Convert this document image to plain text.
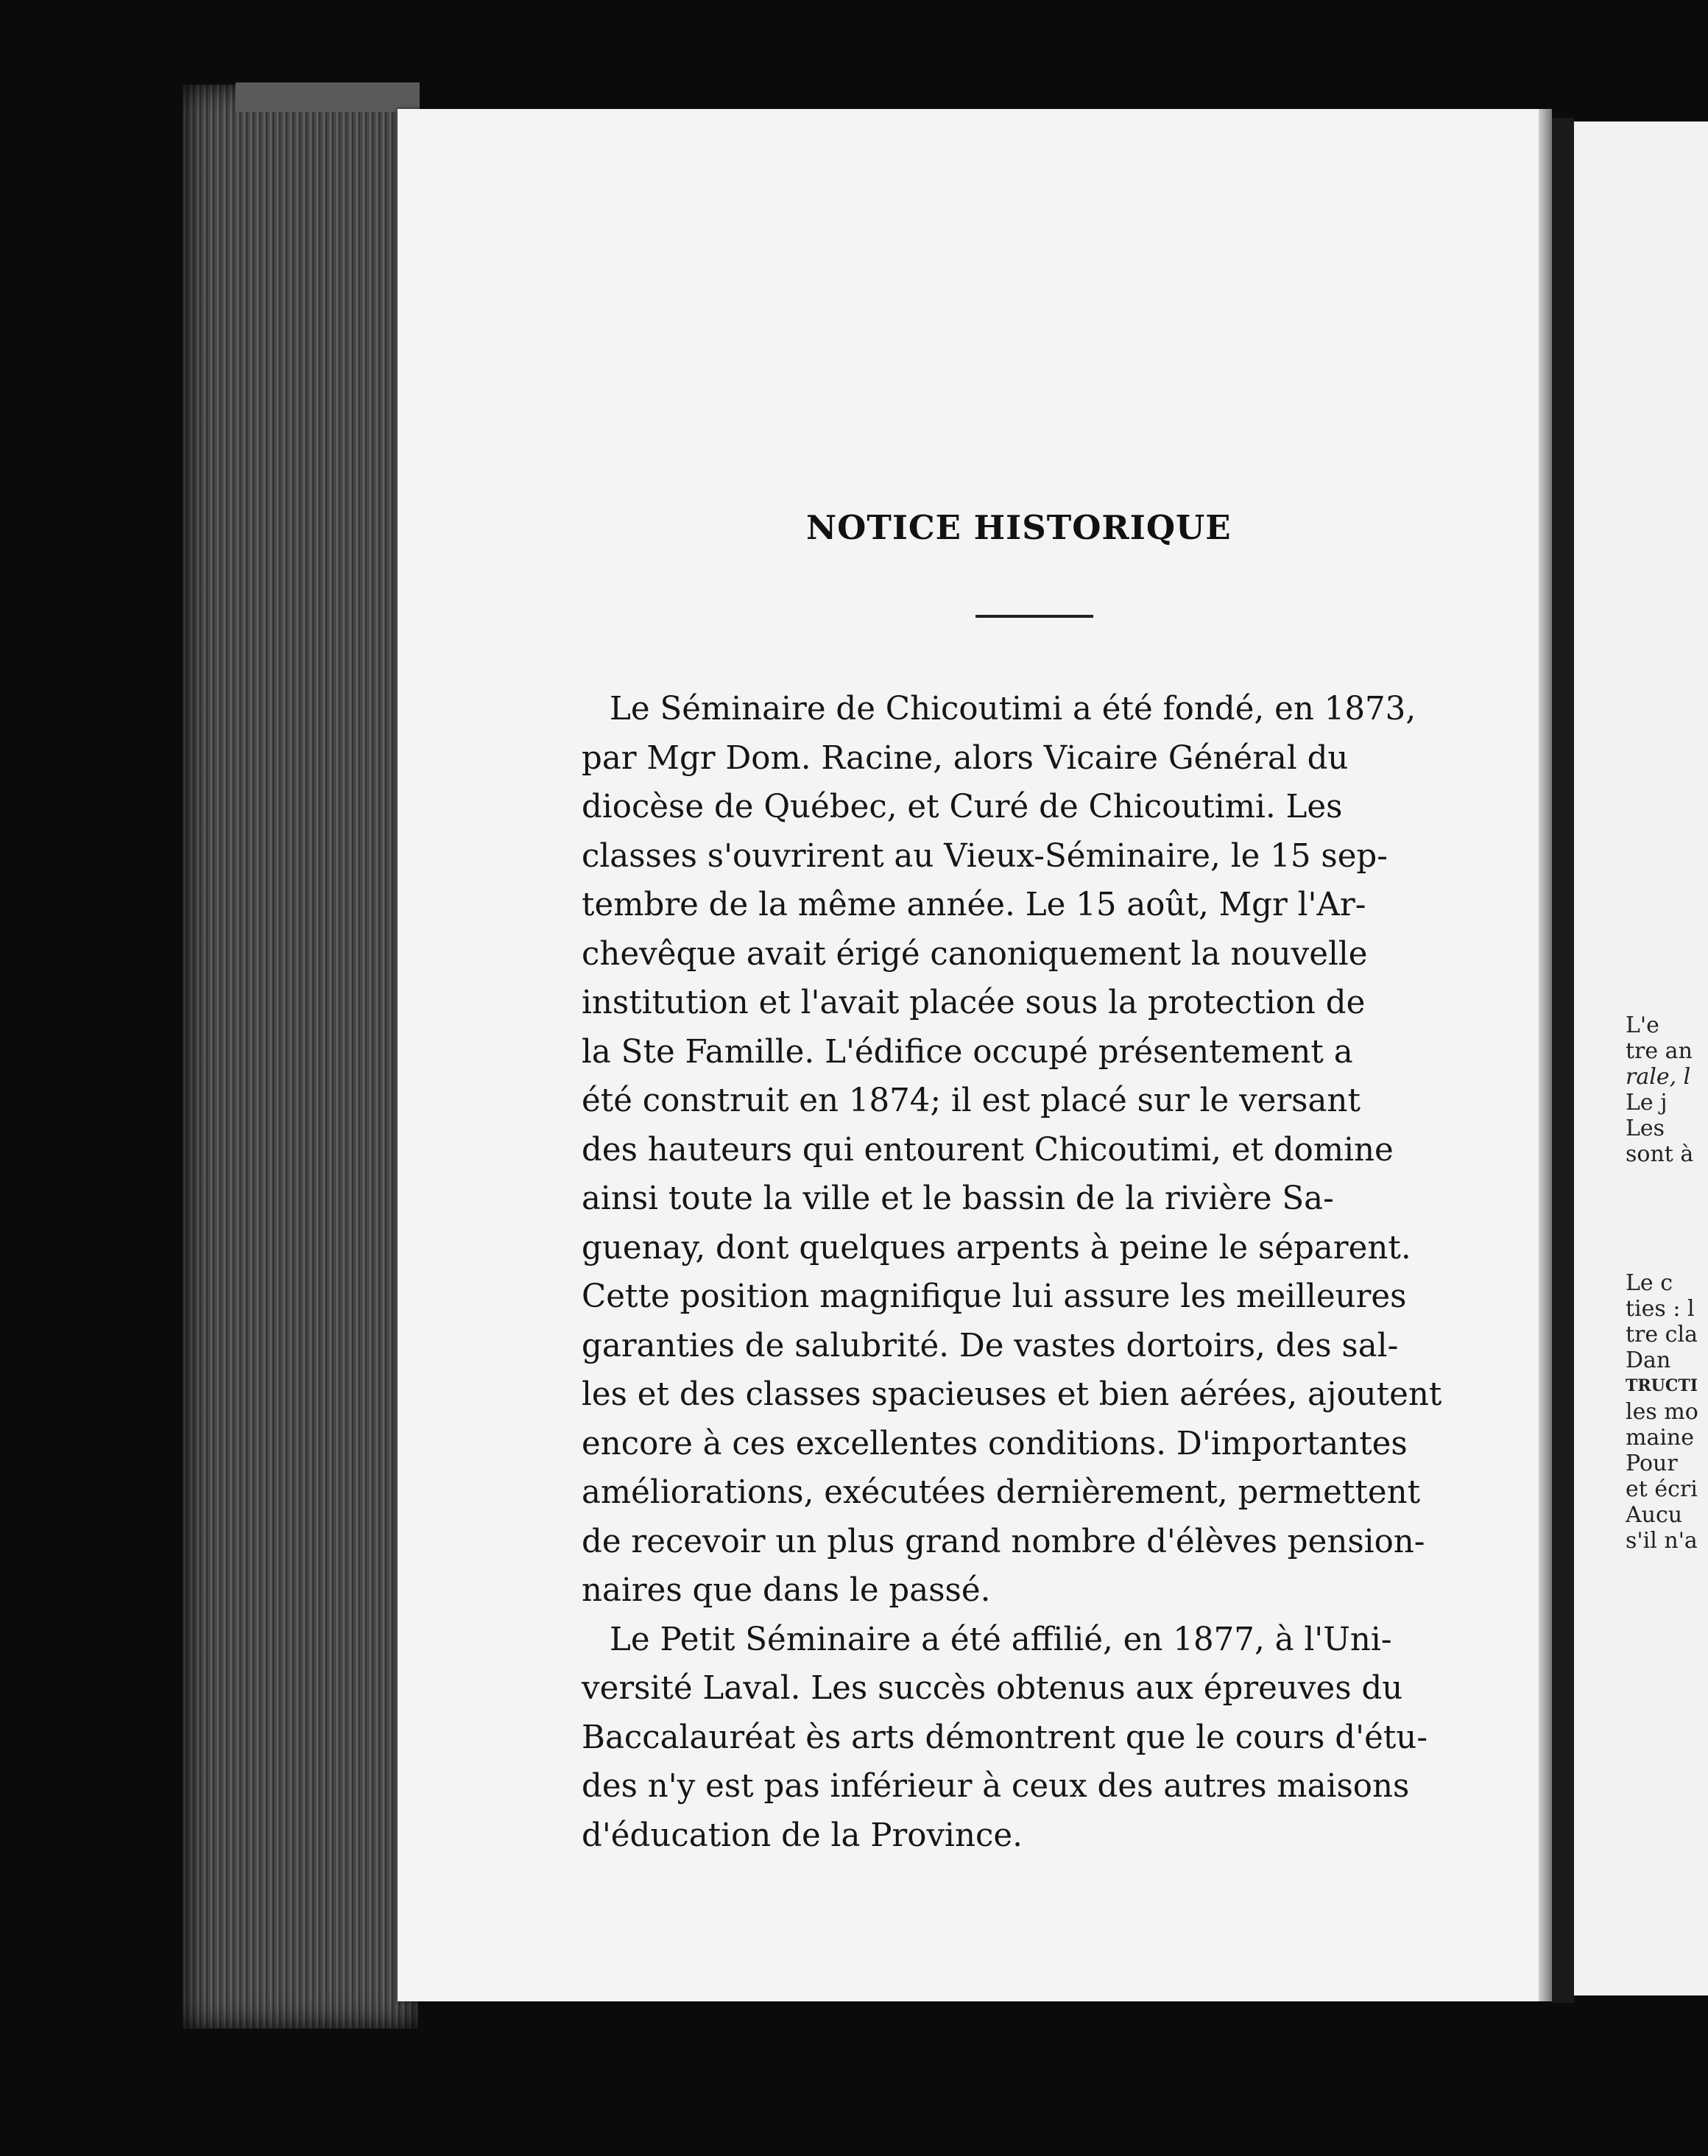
NOTICE HISTORIQUE

Le Séminaire de Chicoutimi a été fondé, en 1873,
par Mgr Dom. Racine, alors Vicaire Général du
diocèse de Québec, et Curé de Chicoutimi. Les
classes s'ouvrirent au Vieux-Séminaire, le 15 sep-
tembre de la même année. Le 15 août, Mgr l'Ar-
chevêque avait érigé canoniquement la nouvelle
institution et l'avait placée sous la protection de
la Ste Famille. L'édifice occupé présentement a
été construit en 1874; il est placé sur le versant
des hauteurs qui entourent Chicoutimi, et domine
ainsi toute la ville et le bassin de la rivière Sa-
guenay, dont quelques arpents à peine le séparent.
Cette position magnifique lui assure les meilleures
garanties de salubrité. De vastes dortoirs, des sal-
les et des classes spacieuses et bien aérées, ajoutent
encore à ces excellentes conditions. D'importantes
améliorations, exécutées dernièrement, permettent
de recevoir un plus grand nombre d'élèves pension-
naires que dans le passé.

Le Petit Séminaire a été affilié, en 1877, à l'Uni-
versité Laval. Les succès obtenus aux épreuves du
Baccalauréat ès arts démontrent que le cours d'étu-
des n'y est pas inférieur à ceux des autres maisons
d'éducation de la Province.

L'e
tre an
rale, l
Le j
Les
sont à
Le c
ties : l
tre cla
Dan
TRUCTI
les mo
maine
Pour
et écri
Aucu
s'il n'a
